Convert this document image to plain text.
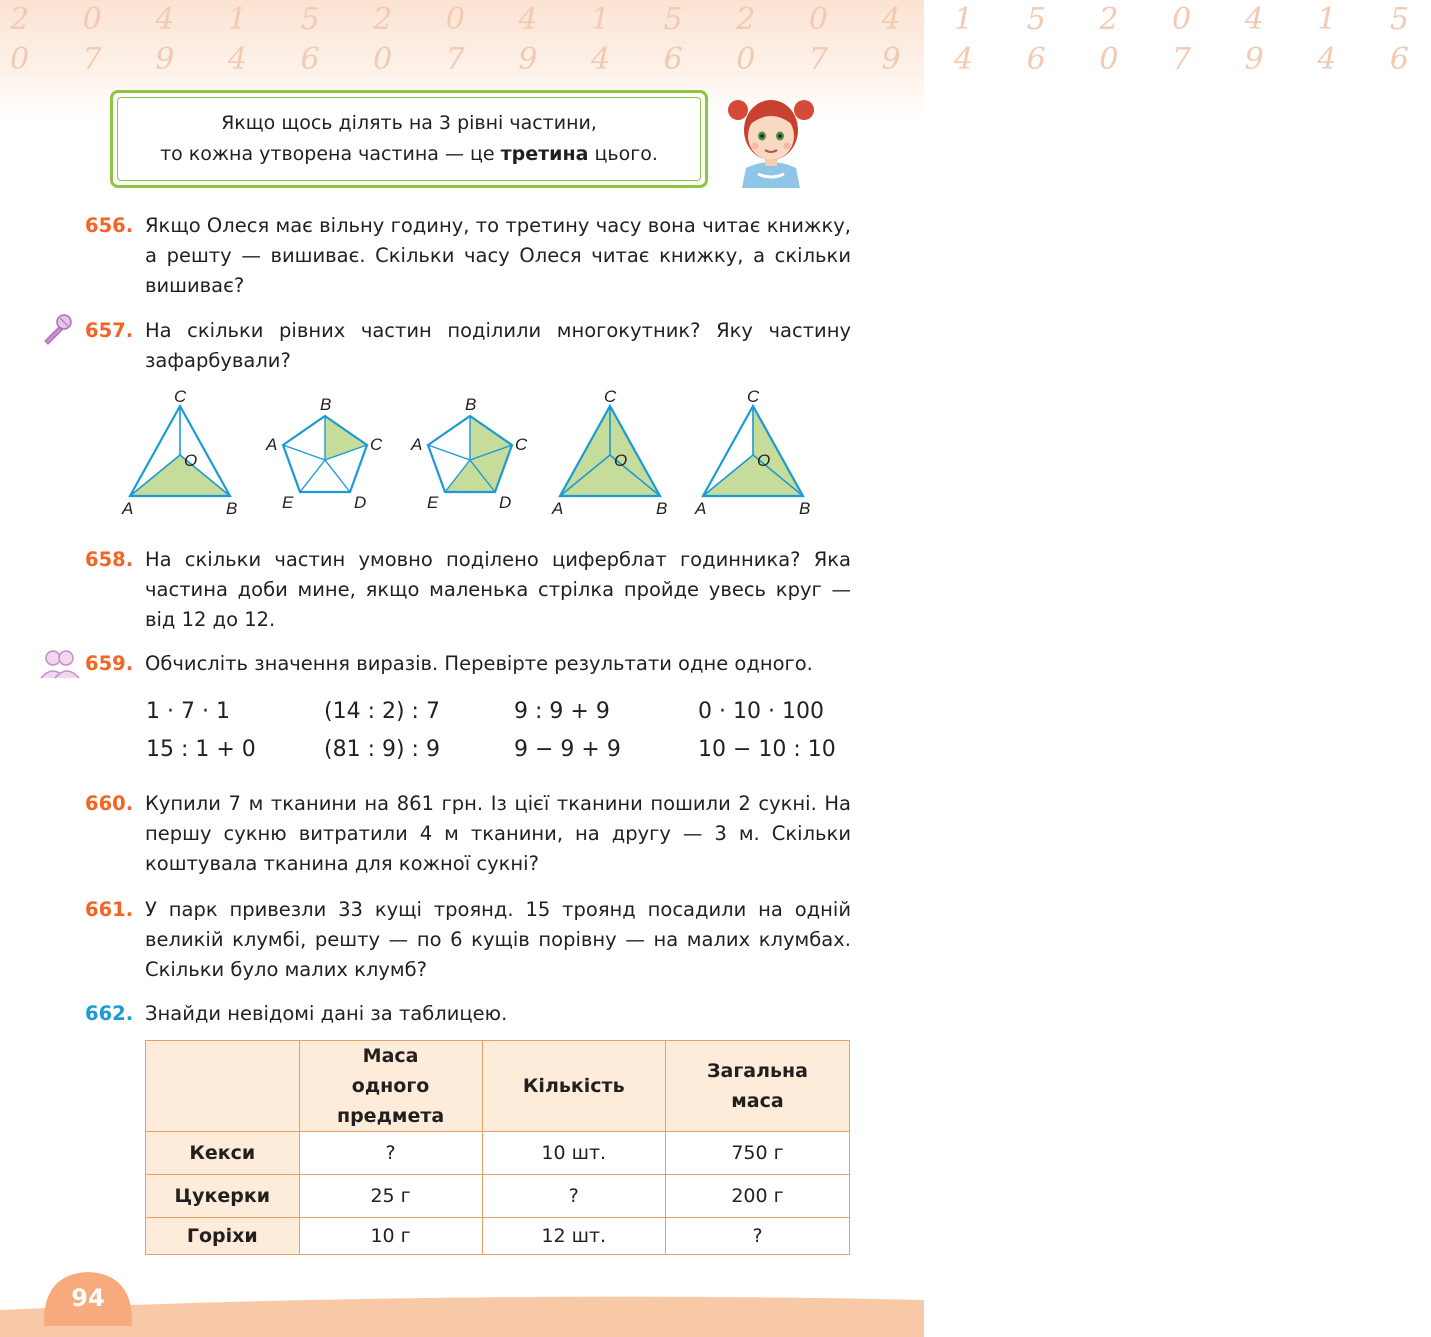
2 0 4 1 5 2 0 4 1 5 2 0 4 1 5 2 0 4 1 5
0 7 9 4 6 0 7 9 4 6 0 7 9 4 6 0 7 9 4 6
Якщо щось ділять на 3 рівні частини,
то кожна утворена частина — це третина цього.
656. Якщо Олеся має вільну годину, то третину часу вона читає книжку, а решту — вишиває. Скільки часу Олеся читає книжку, а скільки вишиває?
657. На скільки рівних частин поділили многокутник? Яку частину зафарбували?
C
O
A	B
B
C
A
E	D
B
C
A
E	D
C
O
A	B
C
O
A	B
658. На скільки частин умовно поділено циферблат годинника? Яка частина доби мине, якщо маленька стрілка пройде увесь круг — від 12 до 12.
659. Обчисліть значення виразів. Перевірте результати одне одного.
1 · 7 · 1	(14 : 2) : 7	9 : 9 + 9	0 · 10 · 100
15 : 1 + 0	(81 : 9) : 9	9 − 9 + 9	10 − 10 : 10
660. Купили 7 м тканини на 861 грн. Із цієї тканини пошили 2 сукні. На першу сукню витратили 4 м тканини, на другу — 3 м. Скільки коштувала тканина для кожної сукні?
661. У парк привезли 33 кущі троянд. 15 троянд посадили на одній великій клумбі, решту — по 6 кущів порівну — на малих клумбах. Скільки було малих клумб?
662. Знайди невідомі дані за таблицею.
	Маса одного предмета	Кількість	Загальна маса
Кекси	?	10 шт.	750 г
Цукерки	25 г	?	200 г
Горіхи	10 г	12 шт.	?
94
